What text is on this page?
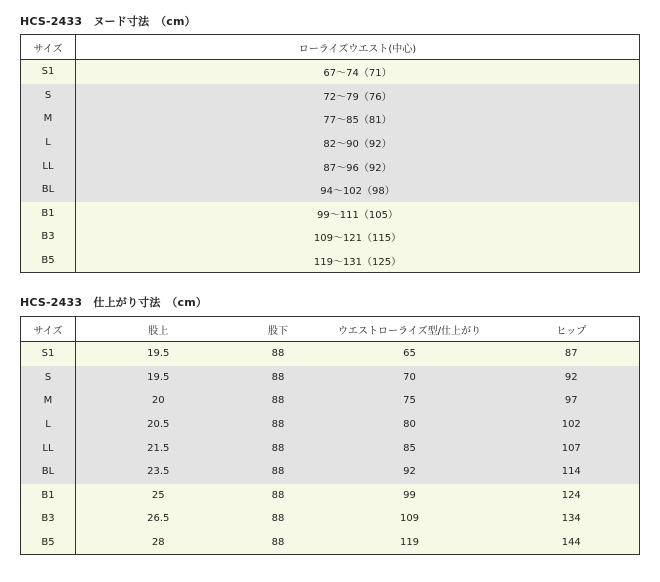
HCS-2433　ヌード寸法　（cm）
サイズ	ローライズウエスト(中心)
S1	67〜74（71）
S	72〜79（76）
M	77〜85（81）
L	82〜90（92）
LL	87〜96（92）
BL	94〜102（98）
B1	99〜111（105）
B3	109〜121（115）
B5	119〜131（125）
HCS-2433　仕上がり寸法　（cm）
サイズ	股上	股下	ウエストローライズ型/仕上がり	ヒップ
S1	19.5	88	65	87
S	19.5	88	70	92
M	20	88	75	97
L	20.5	88	80	102
LL	21.5	88	85	107
BL	23.5	88	92	114
B1	25	88	99	124
B3	26.5	88	109	134
B5	28	88	119	144
